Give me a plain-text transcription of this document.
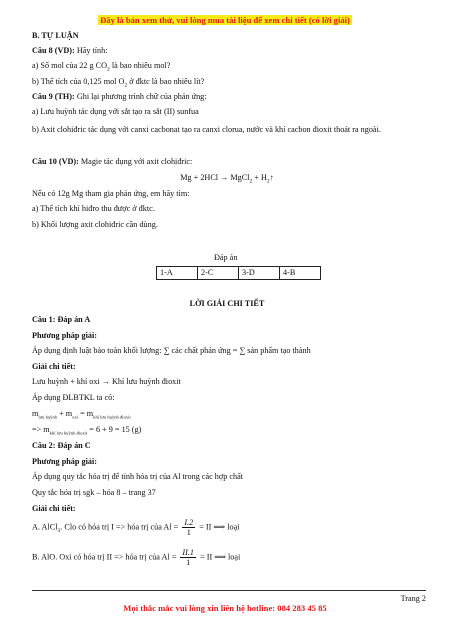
Đây là bản xem thử, vui lòng mua tài liệu để xem chi tiết (có lời giải)
B. TỰ LUẬN
Câu 8 (VD): Hãy tính:
a) Số mol của 22 g $CO_2$ là bao nhiêu mol?
b) Thể tích của 0,125 mol $O_2$ ở đktc là bao nhiêu lít?
Câu 9 (TH): Ghi lại phương trình chữ của phản ứng:
a) Lưu huỳnh tác dụng với sắt tạo ra sắt (II) sunfua
b) Axit clohiđric tác dụng với canxi cacbonat tạo ra canxi clorua, nước và khí cacbon đioxit thoát ra ngoài.
Câu 10 (VD): Magie tác dụng với axit clohiđric:
Mg + 2HCl → MgCl$_2$ + $H_2↑$
Nếu có 12g Mg tham gia phản ứng, em hãy tìm:
a) Thể tích khí hiđro thu được ở đktc.
b) Khối lượng axit clohiđric cần dùng.
Đáp án
1-A	2-C	3-D	4-B
LỜI GIẢI CHI TIẾT
Câu 1: Đáp án A
Phương pháp giải:
Áp dụng định luật bảo toàn khối lượng: ∑ các chất phản ứng = ∑ sản phẩm tạo thành
Giải chi tiết:
Lưu huỳnh + khí oxi → Khí lưu huỳnh đioxit
Áp dụng ĐLBTKL ta có:
$m_{lưu huỳnh} + m_{oxi} = m_{khí lưu huỳnh đioxit}$
=> $m_{khí lưu huỳnh đioxit} = 6 + 9 = 15$ (g)
Câu 2: Đáp án C
Phương pháp giải:
Áp dụng quy tắc hóa trị để tính hóa trị của Al trong các hợp chất
Quy tắc hóa trị sgk – hóa 8 – trang 37
Giải chi tiết:
A. AlCl$_3$. Clo có hóa trị I => hóa trị của $Al = \frac{I.2}{1}$ = II ⟹ loại
B. AlO. Oxi có hóa trị II => hóa trị của $Al = \frac{II.1}{1}$ = II ⟹ loại
Trang 2
Mọi thắc mắc vui lòng xin liên hệ hotline: 084 283 45 85
